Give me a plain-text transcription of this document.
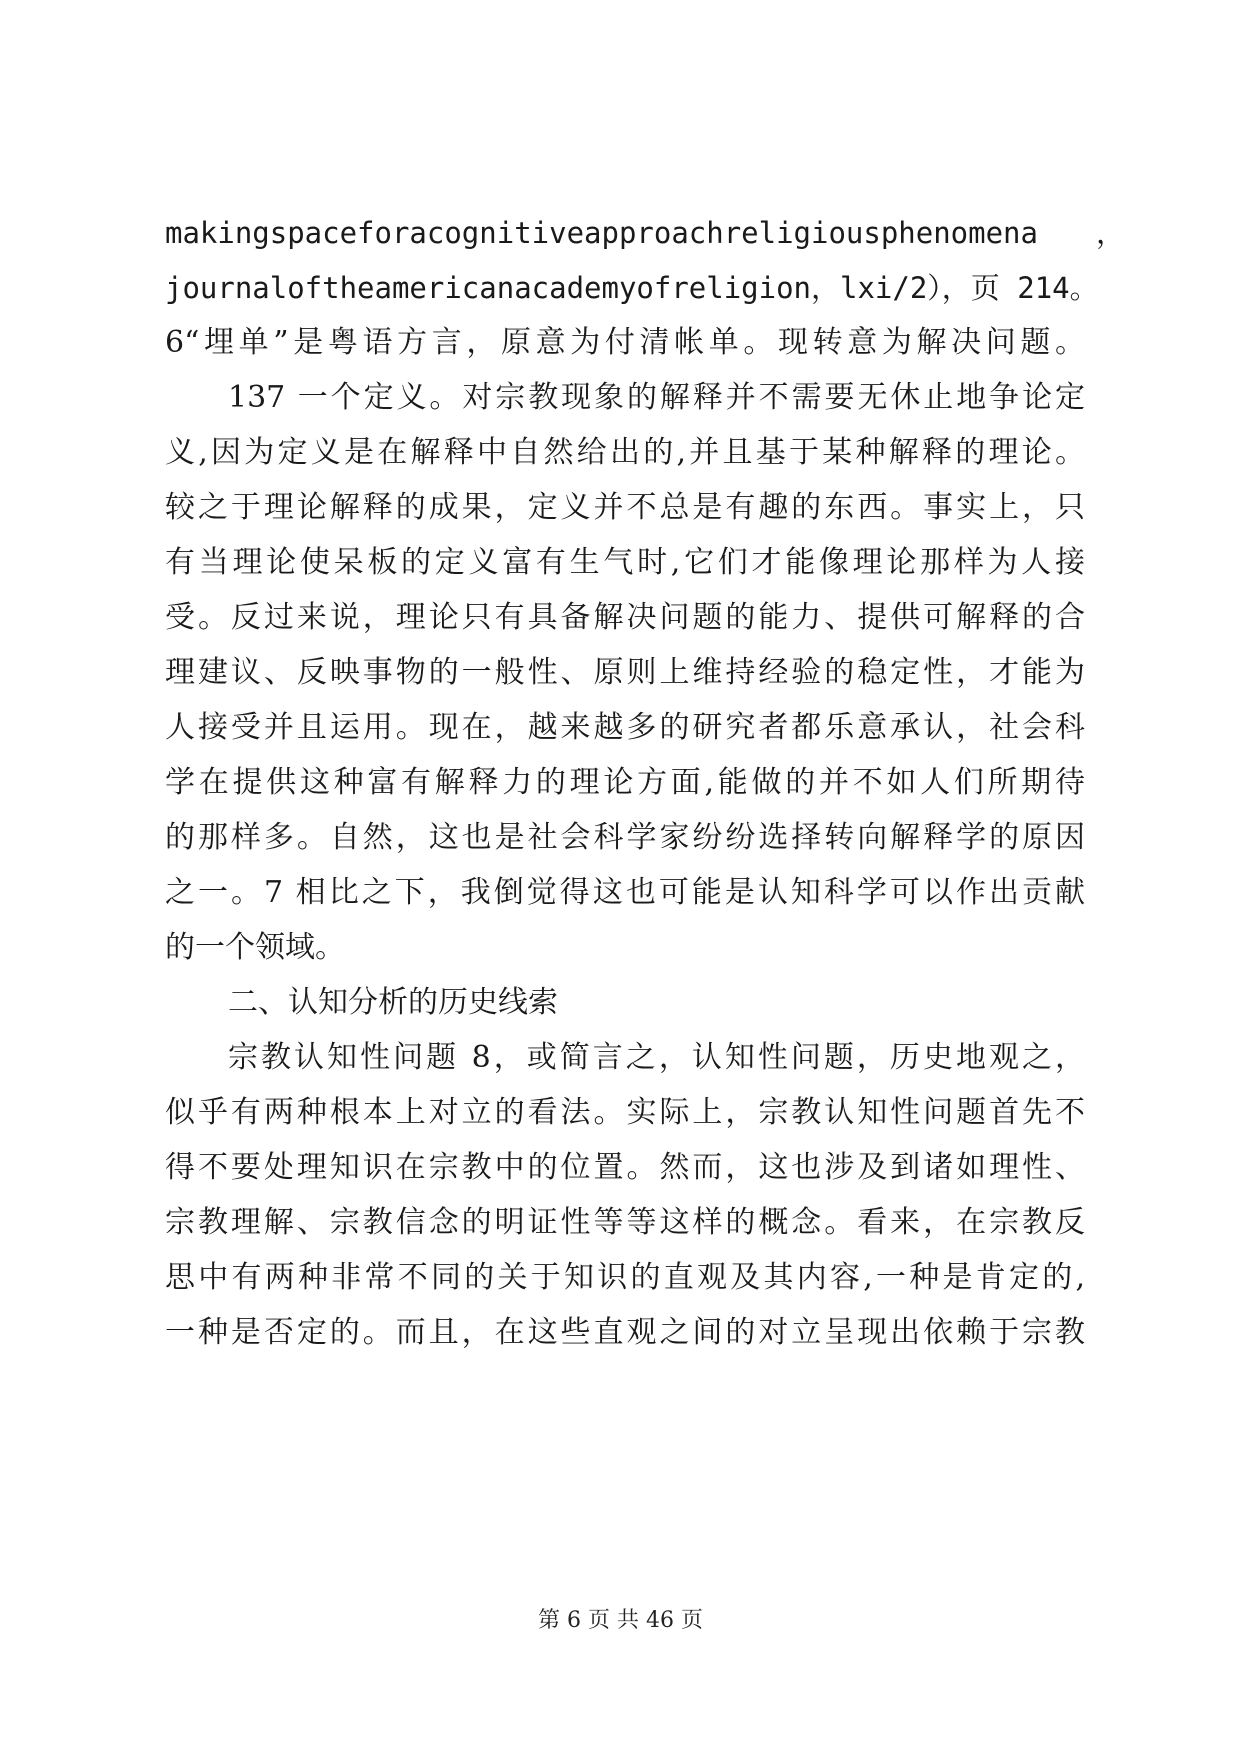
makingspaceforacognitiveapproachreligiousphenomena　　，
journaloftheamericanacademyofreligion，lxi/2），页 214。
6“埋单”是粤语方言，原意为付清帐单。现转意为解决问题。
137 一个定义。对宗教现象的解释并不需要无休止地争论定
义,因为定义是在解释中自然给出的,并且基于某种解释的理论。
较之于理论解释的成果，定义并不总是有趣的东西。事实上，只
有当理论使呆板的定义富有生气时,它们才能像理论那样为人接
受。反过来说，理论只有具备解决问题的能力、提供可解释的合
理建议、反映事物的一般性、原则上维持经验的稳定性，才能为
人接受并且运用。现在，越来越多的研究者都乐意承认，社会科
学在提供这种富有解释力的理论方面,能做的并不如人们所期待
的那样多。自然，这也是社会科学家纷纷选择转向解释学的原因
之一。7 相比之下，我倒觉得这也可能是认知科学可以作出贡献
的一个领域。
二、认知分析的历史线索
宗教认知性问题 8，或简言之，认知性问题，历史地观之，
似乎有两种根本上对立的看法。实际上，宗教认知性问题首先不
得不要处理知识在宗教中的位置。然而，这也涉及到诸如理性、
宗教理解、宗教信念的明证性等等这样的概念。看来，在宗教反
思中有两种非常不同的关于知识的直观及其内容,一种是肯定的,
一种是否定的。而且，在这些直观之间的对立呈现出依赖于宗教
第 6 页 共 46 页
